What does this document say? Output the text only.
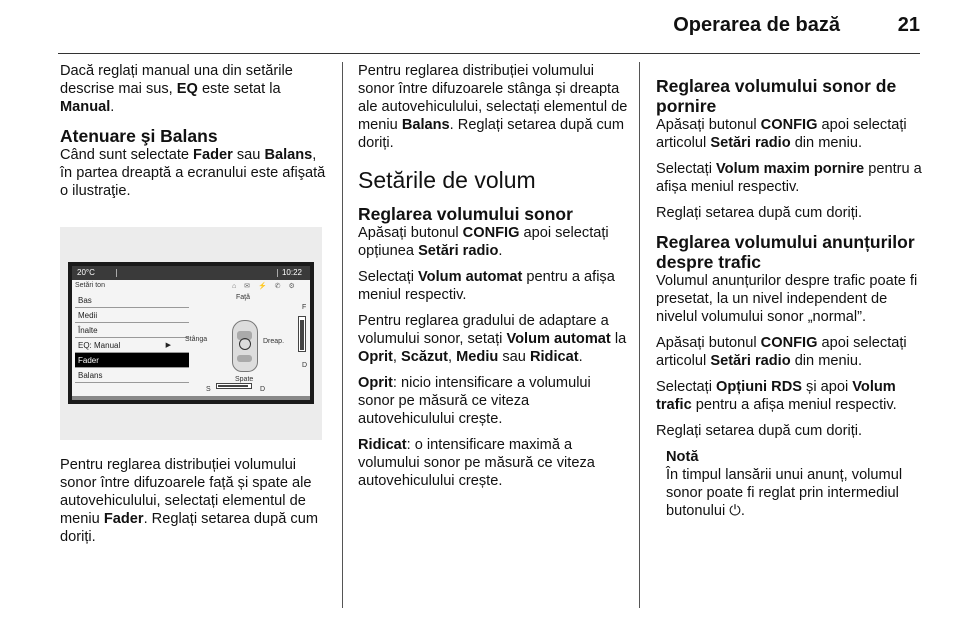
Operarea de bază	21

Dacă reglați manual una din setările descrise mai sus, EQ este setat la Manual.

Atenuare şi Balans

Când sunt selectate Fader sau Balans, în partea dreaptă a ecranului este afişată o ilustraţie.

20°C	10:22
Setări ton	⌂ ✉ ⚡ ✆ ⚙
Bas
Medii
Înalte
EQ: Manual	▶
Fader
Balans
Faţă
Stânga	Dreap.
Spate
F
D
S	D

Pentru reglarea distribuției volumului sonor între difuzoarele față și spate ale autovehiculului, selectați elementul de meniu Fader. Reglați setarea după cum doriți.

Pentru reglarea distribuției volumului sonor între difuzoarele stânga și dreapta ale autovehiculului, selectați elementul de meniu Balans. Reglați setarea după cum doriți.

Setările de volum
Reglarea volumului sonor

Apăsați butonul CONFIG apoi selectați opțiunea Setări radio.

Selectați Volum automat pentru a afișa meniul respectiv.

Pentru reglarea gradului de adaptare a volumului sonor, setați Volum automat la Oprit, Scăzut, Mediu sau Ridicat.

Oprit: nicio intensificare a volumului sonor pe măsură ce viteza autovehiculului crește.

Ridicat: o intensificare maximă a volumului sonor pe măsură ce viteza autovehiculului crește.

Reglarea volumului sonor de pornire

Apăsați butonul CONFIG apoi selectați articolul Setări radio din meniu.

Selectați Volum maxim pornire pentru a afișa meniul respectiv.

Reglați setarea după cum doriți.

Reglarea volumului anunțurilor despre trafic

Volumul anunțurilor despre trafic poate fi presetat, la un nivel independent de nivelul volumului sonor „normal”.

Apăsați butonul CONFIG apoi selectați articolul Setări radio din meniu.

Selectați Opțiuni RDS și apoi Volum trafic pentru a afișa meniul respectiv.

Reglați setarea după cum doriți.

Notă
În timpul lansării unui anunț, volumul sonor poate fi reglat prin intermediul butonului ⏻.
